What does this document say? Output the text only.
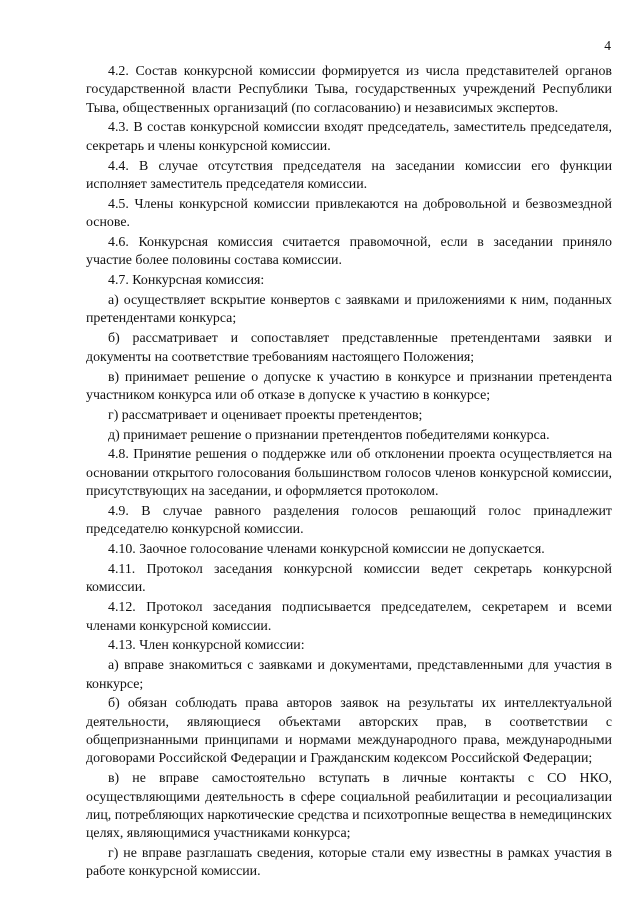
4

4.2. Состав конкурсной комиссии формируется из числа представителей органов государственной власти Республики Тыва, государственных учреждений Республики Тыва, общественных организаций (по согласованию) и независимых экспертов.

4.3. В состав конкурсной комиссии входят председатель, заместитель председателя, секретарь и члены конкурсной комиссии.

4.4. В случае отсутствия председателя на заседании комиссии его функции исполняет заместитель председателя комиссии.

4.5. Члены конкурсной комиссии привлекаются на добровольной и безвозмездной основе.

4.6. Конкурсная комиссия считается правомочной, если в заседании приняло участие более половины состава комиссии.

4.7. Конкурсная комиссия:

а) осуществляет вскрытие конвертов с заявками и приложениями к ним, поданных претендентами конкурса;

б) рассматривает и сопоставляет представленные претендентами заявки и документы на соответствие требованиям настоящего Положения;

в) принимает решение о допуске к участию в конкурсе и признании претендента участником конкурса или об отказе в допуске к участию в конкурсе;

г) рассматривает и оценивает проекты претендентов;

д) принимает решение о признании претендентов победителями конкурса.

4.8. Принятие решения о поддержке или об отклонении проекта осуществляется на основании открытого голосования большинством голосов членов конкурсной комиссии, присутствующих на заседании, и оформляется протоколом.

4.9. В случае равного разделения голосов решающий голос принадлежит председателю конкурсной комиссии.

4.10. Заочное голосование членами конкурсной комиссии не допускается.

4.11. Протокол заседания конкурсной комиссии ведет секретарь конкурсной комиссии.

4.12. Протокол заседания подписывается председателем, секретарем и всеми членами конкурсной комиссии.

4.13. Член конкурсной комиссии:

а) вправе знакомиться с заявками и документами, представленными для участия в конкурсе;

б) обязан соблюдать права авторов заявок на результаты их интеллектуальной деятельности, являющиеся объектами авторских прав, в соответствии с общепризнанными принципами и нормами международного права, международными договорами Российской Федерации и Гражданским кодексом Российской Федерации;

в) не вправе самостоятельно вступать в личные контакты с СО НКО, осуществляющими деятельность в сфере социальной реабилитации и ресоциализации лиц, потребляющих наркотические средства и психотропные вещества в немедицинских целях, являющимися участниками конкурса;

г) не вправе разглашать сведения, которые стали ему известны в рамках участия в работе конкурсной комиссии.
